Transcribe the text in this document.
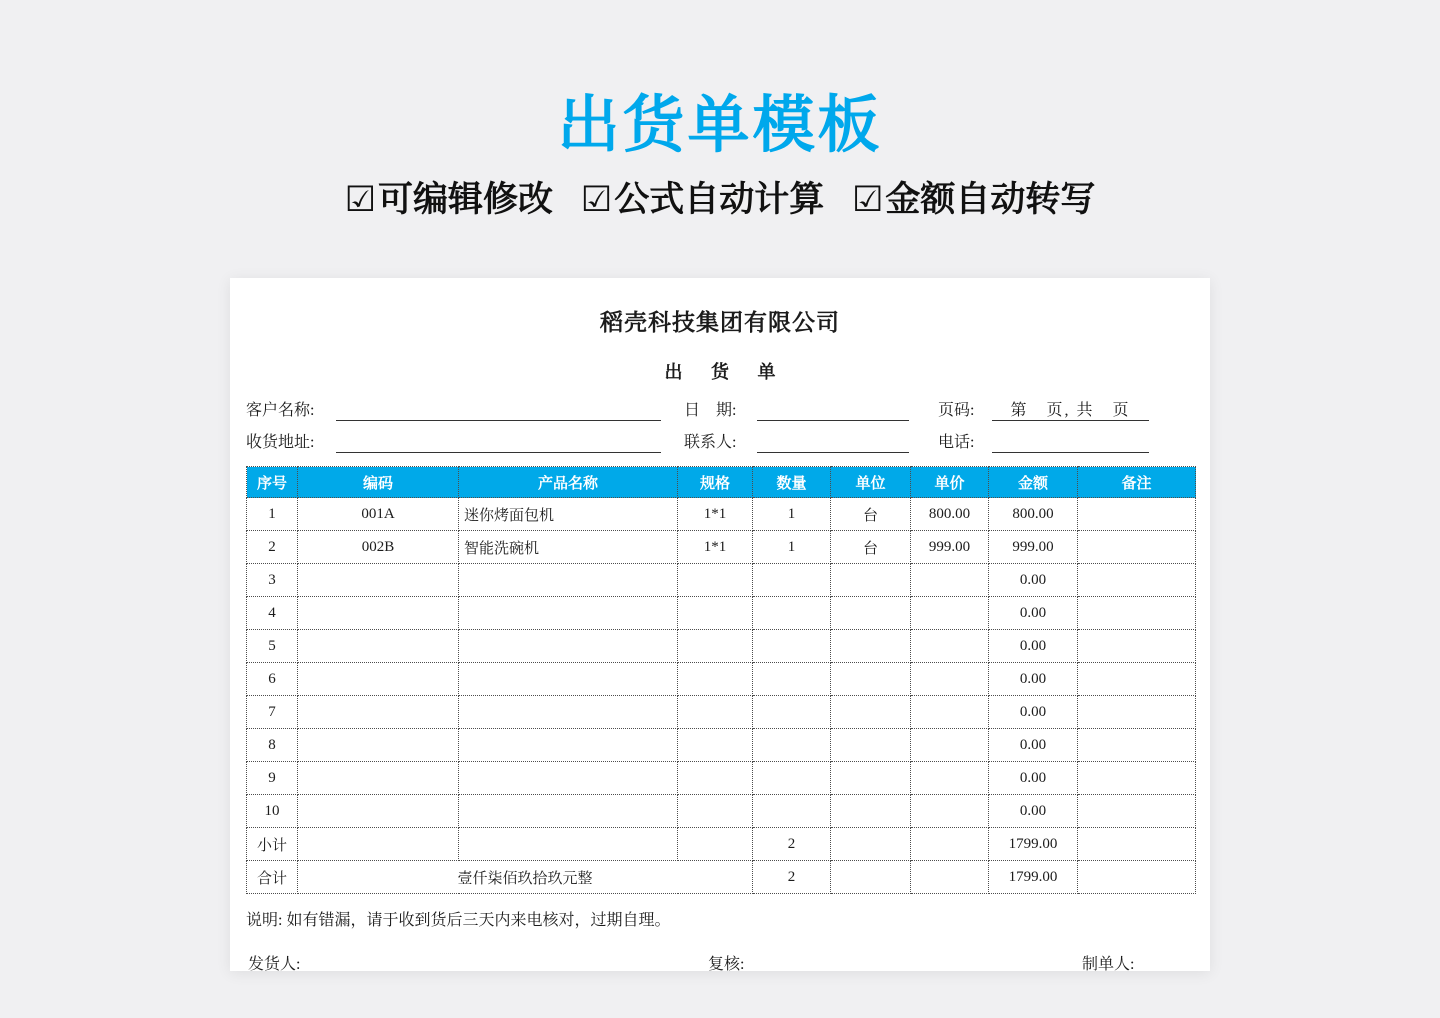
出货单模板
☑可编辑修改 ☑公式自动计算 ☑金额自动转写
稻壳科技集团有限公司
出 货 单
客户名称:	日　期:	页码:	第　页, 共　页
收货地址:	联系人:	电话:
序号	编码	产品名称	规格	数量	单位	单价	金额	备注
1	001A	迷你烤面包机	1*1	1	台	800.00	800.00	
2	002B	智能洗碗机	1*1	1	台	999.00	999.00	
3							0.00	
4							0.00	
5							0.00	
6							0.00	
7							0.00	
8							0.00	
9							0.00	
10							0.00	
小计				2			1799.00	
合计	壹仟柒佰玖拾玖元整			2			1799.00	
说明: 如有错漏，请于收到货后三天内来电核对，过期自理。
发货人:	复核:	制单人:
